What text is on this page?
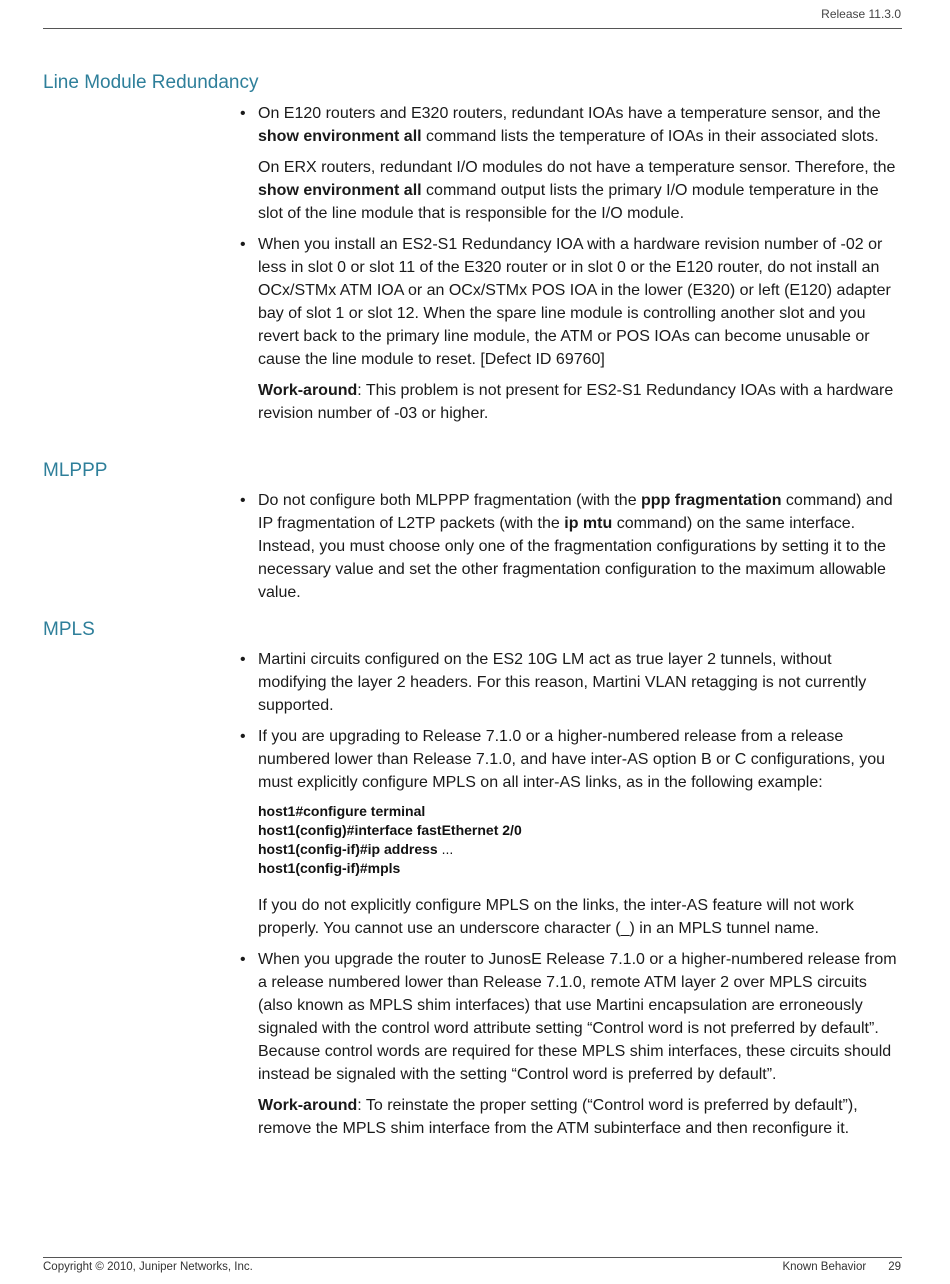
Release 11.3.0
Line Module Redundancy

• On E120 routers and E320 routers, redundant IOAs have a temperature sensor, and the show environment all command lists the temperature of IOAs in their associated slots.

On ERX routers, redundant I/O modules do not have a temperature sensor. Therefore, the show environment all command output lists the primary I/O module temperature in the slot of the line module that is responsible for the I/O module.

• When you install an ES2-S1 Redundancy IOA with a hardware revision number of -02 or less in slot 0 or slot 11 of the E320 router or in slot 0 or the E120 router, do not install an OCx/STMx ATM IOA or an OCx/STMx POS IOA in the lower (E320) or left (E120) adapter bay of slot 1 or slot 12. When the spare line module is controlling another slot and you revert back to the primary line module, the ATM or POS IOAs can become unusable or cause the line module to reset. [Defect ID 69760]

Work-around: This problem is not present for ES2-S1 Redundancy IOAs with a hardware revision number of -03 or higher.

MLPPP

• Do not configure both MLPPP fragmentation (with the ppp fragmentation command) and IP fragmentation of L2TP packets (with the ip mtu command) on the same interface. Instead, you must choose only one of the fragmentation configurations by setting it to the necessary value and set the other fragmentation configuration to the maximum allowable value.

MPLS

• Martini circuits configured on the ES2 10G LM act as true layer 2 tunnels, without modifying the layer 2 headers. For this reason, Martini VLAN retagging is not currently supported.

• If you are upgrading to Release 7.1.0 or a higher-numbered release from a release numbered lower than Release 7.1.0, and have inter-AS option B or C configurations, you must explicitly configure MPLS on all inter-AS links, as in the following example:

host1#configure terminal
host1(config)#interface fastEthernet 2/0
host1(config-if)#ip address ...
host1(config-if)#mpls

If you do not explicitly configure MPLS on the links, the inter-AS feature will not work properly. You cannot use an underscore character (_) in an MPLS tunnel name.

• When you upgrade the router to JunosE Release 7.1.0 or a higher-numbered release from a release numbered lower than Release 7.1.0, remote ATM layer 2 over MPLS circuits (also known as MPLS shim interfaces) that use Martini encapsulation are erroneously signaled with the control word attribute setting “Control word is not preferred by default”. Because control words are required for these MPLS shim interfaces, these circuits should instead be signaled with the setting “Control word is preferred by default”.

Work-around: To reinstate the proper setting (“Control word is preferred by default”), remove the MPLS shim interface from the ATM subinterface and then reconfigure it.

Copyright © 2010, Juniper Networks, Inc.	Known Behavior 29
